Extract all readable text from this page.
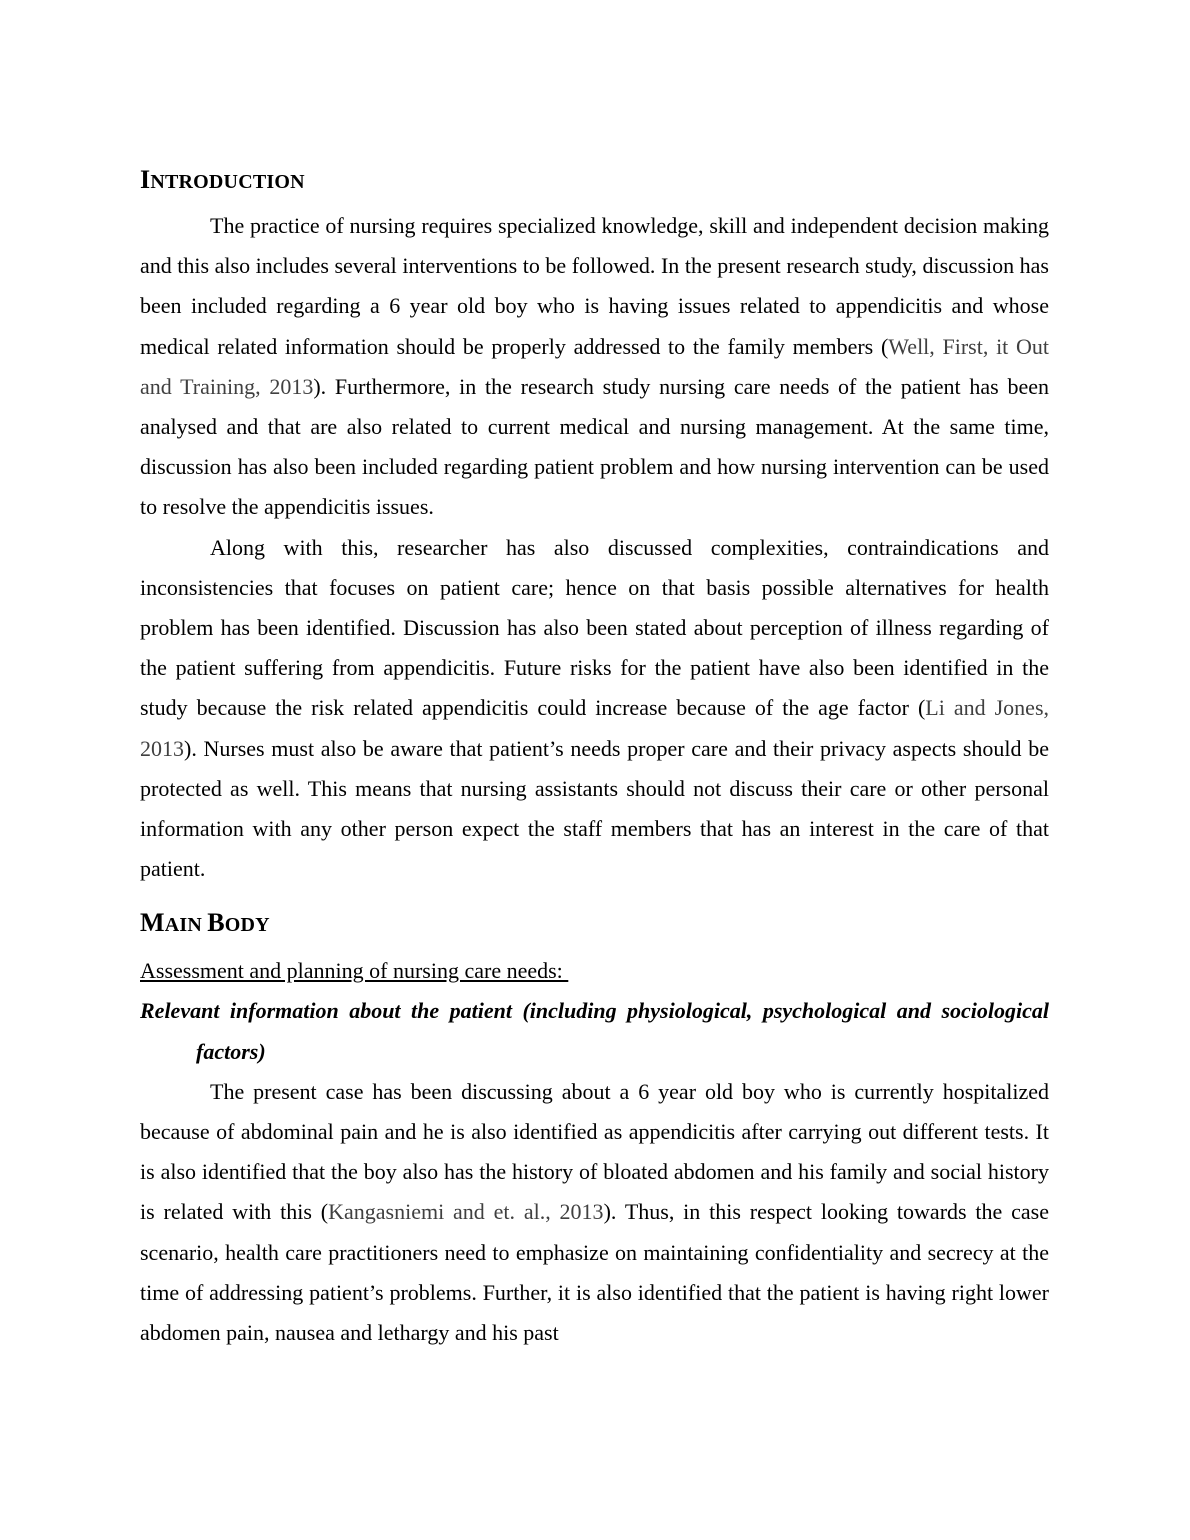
INTRODUCTION

The practice of nursing requires specialized knowledge, skill and independent decision making and this also includes several interventions to be followed. In the present research study, discussion has been included regarding a 6 year old boy who is having issues related to appendicitis and whose medical related information should be properly addressed to the family members (Well, First, it Out and Training, 2013). Furthermore, in the research study nursing care needs of the patient has been analysed and that are also related to current medical and nursing management. At the same time, discussion has also been included regarding patient problem and how nursing intervention can be used to resolve the appendicitis issues.

Along with this, researcher has also discussed complexities, contraindications and inconsistencies that focuses on patient care; hence on that basis possible alternatives for health problem has been identified. Discussion has also been stated about perception of illness regarding of the patient suffering from appendicitis. Future risks for the patient have also been identified in the study because the risk related appendicitis could increase because of the age factor (Li and Jones, 2013). Nurses must also be aware that patient’s needs proper care and their privacy aspects should be protected as well. This means that nursing assistants should not discuss their care or other personal information with any other person expect the staff members that has an interest in the care of that patient.

MAIN BODY

Assessment and planning of nursing care needs:

Relevant information about the patient (including physiological, psychological and sociological factors)

The present case has been discussing about a 6 year old boy who is currently hospitalized because of abdominal pain and he is also identified as appendicitis after carrying out different tests. It is also identified that the boy also has the history of bloated abdomen and his family and social history is related with this (Kangasniemi and et. al., 2013). Thus, in this respect looking towards the case scenario, health care practitioners need to emphasize on maintaining confidentiality and secrecy at the time of addressing patient’s problems. Further, it is also identified that the patient is having right lower abdomen pain, nausea and lethargy and his past
